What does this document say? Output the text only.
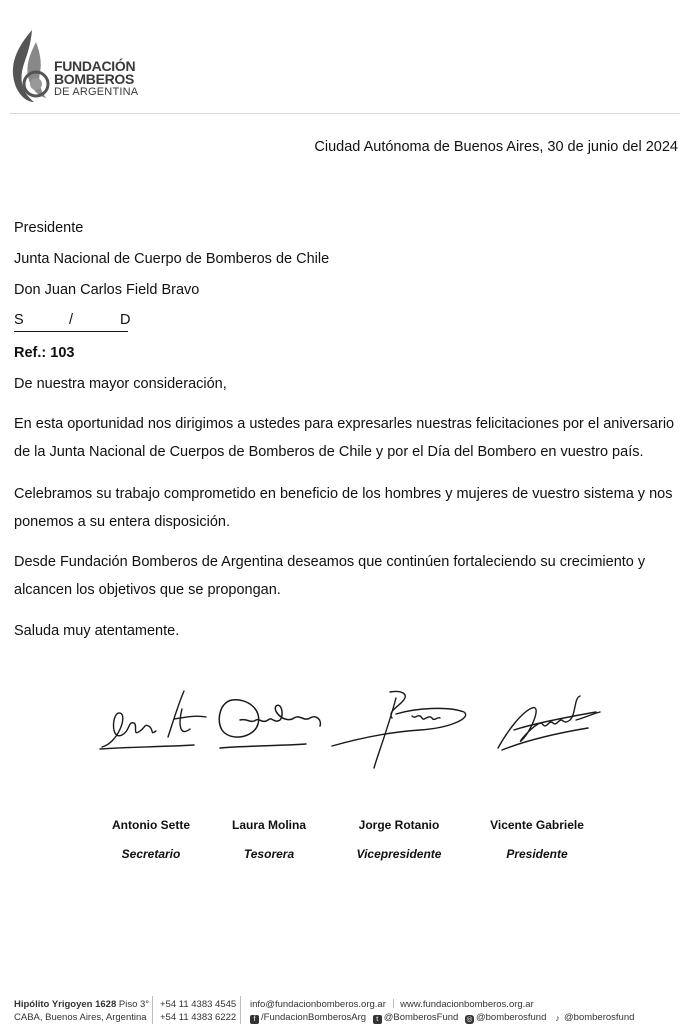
FUNDACIÓN
BOMBEROS
DE ARGENTINA
Ciudad Autónoma de Buenos Aires, 30 de junio del 2024
Presidente
Junta Nacional de Cuerpo de Bomberos de Chile
Don Juan Carlos Field Bravo
S	/	D
Ref.: 103
De nuestra mayor consideración,
En esta oportunidad nos dirigimos a ustedes para expresarles nuestras felicitaciones por el aniversario de la Junta Nacional de Cuerpos de Bomberos de Chile y por el Día del Bombero en vuestro país.
Celebramos su trabajo comprometido en beneficio de los hombres y mujeres de vuestro sistema y nos ponemos a su entera disposición.
Desde Fundación Bomberos de Argentina deseamos que continúen fortaleciendo su crecimiento y alcancen los objetivos que se propongan.
Saluda muy atentamente.
Antonio Sette
Secretario
Laura Molina
Tesorera
Jorge Rotanio
Vicepresidente
Vicente Gabriele
Presidente
Hipólito Yrigoyen 1628 Piso 3°
CABA, Buenos Aires, Argentina
+54 11 4383 4545
+54 11 4383 6222
info@fundacionbomberos.org.ar www.fundacionbomberos.org.ar
f /FundacionBomberosArg t @BomberosFund ◎ @bomberosfund ♪ @bomberosfund
